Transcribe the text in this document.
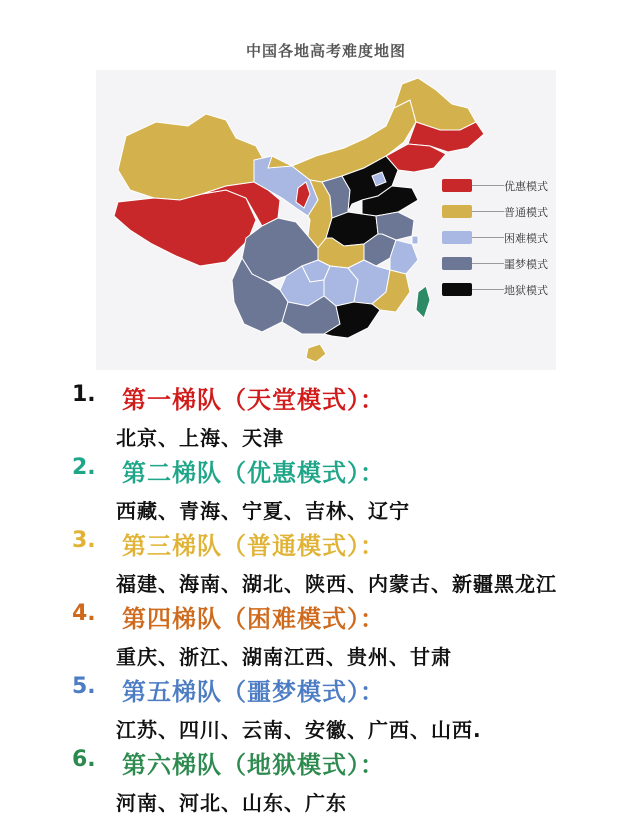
中国各地高考难度地图
优惠模式
普通模式
困难模式
噩梦模式
地狱模式
1. 第一梯队（天堂模式）：
北京、上海、天津
2. 第二梯队（优惠模式）：
西藏、青海、宁夏、吉林、辽宁
3. 第三梯队（普通模式）：
福建、海南、湖北、陕西、内蒙古、新疆黑龙江
4. 第四梯队（困难模式）：
重庆、浙江、湖南江西、贵州、甘肃
5. 第五梯队（噩梦模式）：
江苏、四川、云南、安徽、广西、山西.
6. 第六梯队（地狱模式）：
河南、河北、山东、广东
